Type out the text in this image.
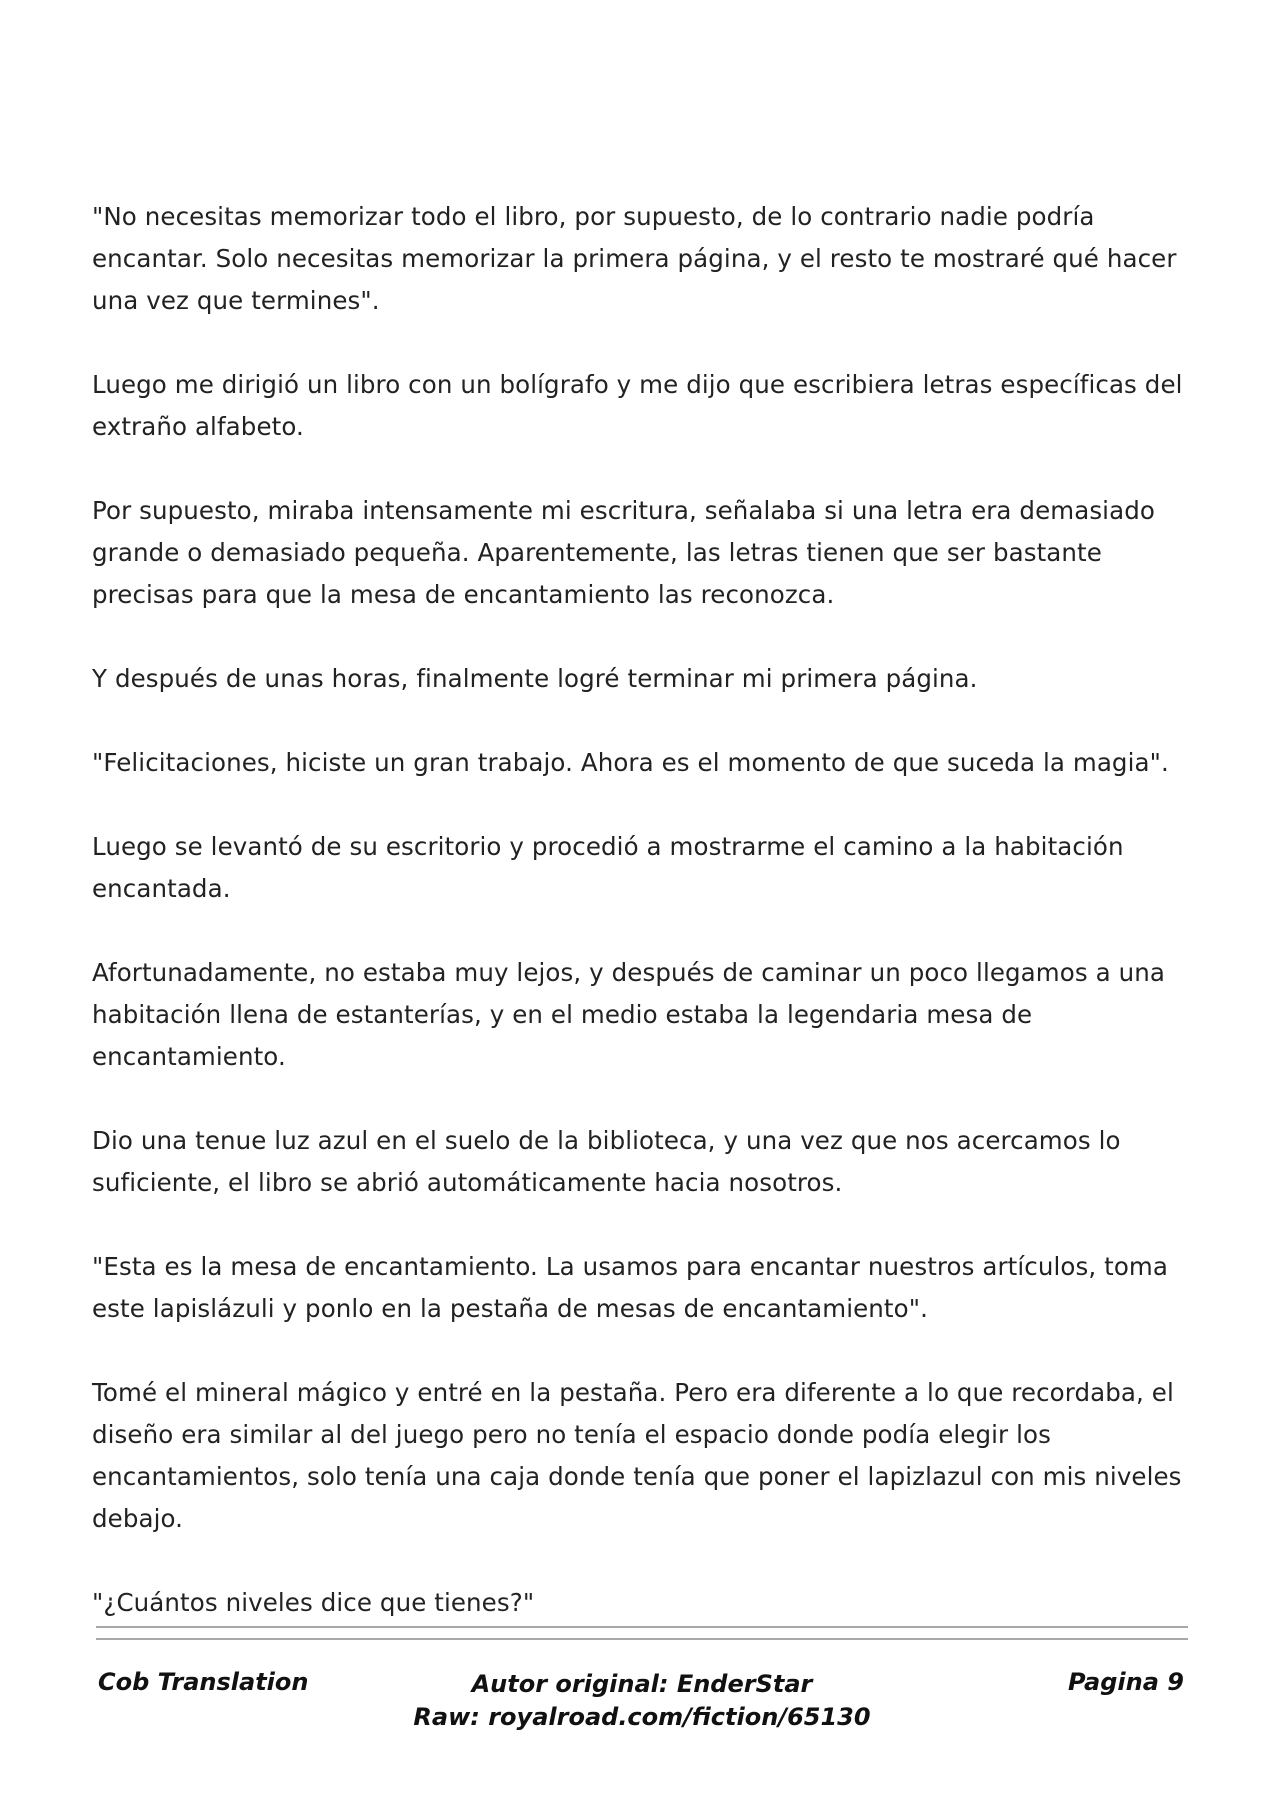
"No necesitas memorizar todo el libro, por supuesto, de lo contrario nadie podría encantar. Solo necesitas memorizar la primera página, y el resto te mostraré qué hacer una vez que termines".

Luego me dirigió un libro con un bolígrafo y me dijo que escribiera letras específicas del extraño alfabeto.

Por supuesto, miraba intensamente mi escritura, señalaba si una letra era demasiado grande o demasiado pequeña. Aparentemente, las letras tienen que ser bastante precisas para que la mesa de encantamiento las reconozca.

Y después de unas horas, finalmente logré terminar mi primera página.

"Felicitaciones, hiciste un gran trabajo. Ahora es el momento de que suceda la magia".

Luego se levantó de su escritorio y procedió a mostrarme el camino a la habitación encantada.

Afortunadamente, no estaba muy lejos, y después de caminar un poco llegamos a una habitación llena de estanterías, y en el medio estaba la legendaria mesa de encantamiento.

Dio una tenue luz azul en el suelo de la biblioteca, y una vez que nos acercamos lo suficiente, el libro se abrió automáticamente hacia nosotros.

"Esta es la mesa de encantamiento. La usamos para encantar nuestros artículos, toma este lapislázuli y ponlo en la pestaña de mesas de encantamiento".

Tomé el mineral mágico y entré en la pestaña. Pero era diferente a lo que recordaba, el diseño era similar al del juego pero no tenía el espacio donde podía elegir los encantamientos, solo tenía una caja donde tenía que poner el lapizlazul con mis niveles debajo.

"¿Cuántos niveles dice que tienes?"

Cob Translation	Autor original: EnderStar
Raw: royalroad.com/fiction/65130
Pagina 9
